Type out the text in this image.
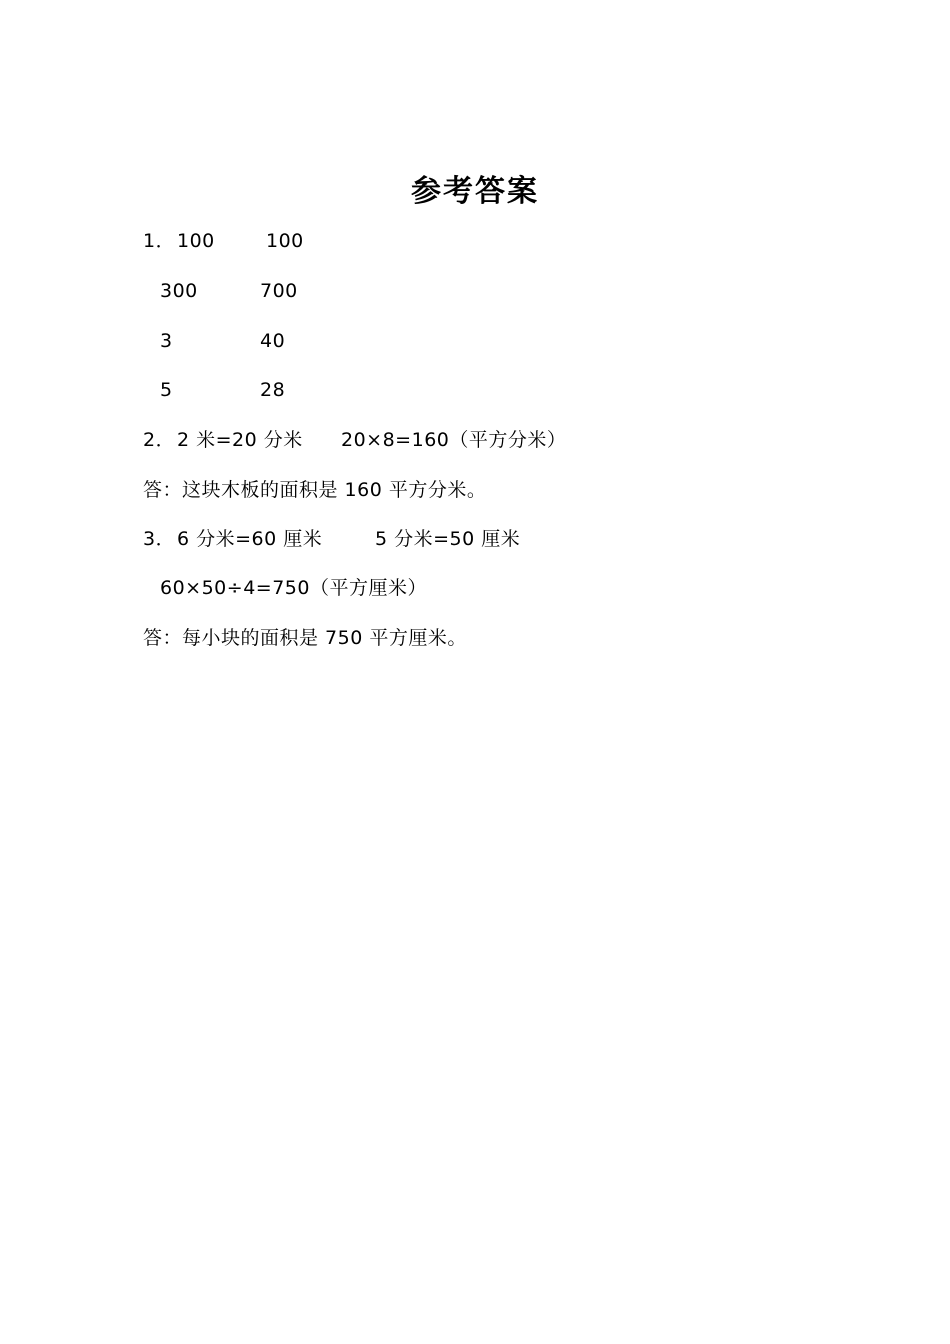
参考答案
1． 100	100
300	700
3	40
5	28
2． 2 米=20 分米 20×8=160（平方分米）
答：这块木板的面积是 160 平方分米。
3． 6 分米=60 厘米	5 分米=50 厘米
60×50÷4=750（平方厘米）
答：每小块的面积是 750 平方厘米。
